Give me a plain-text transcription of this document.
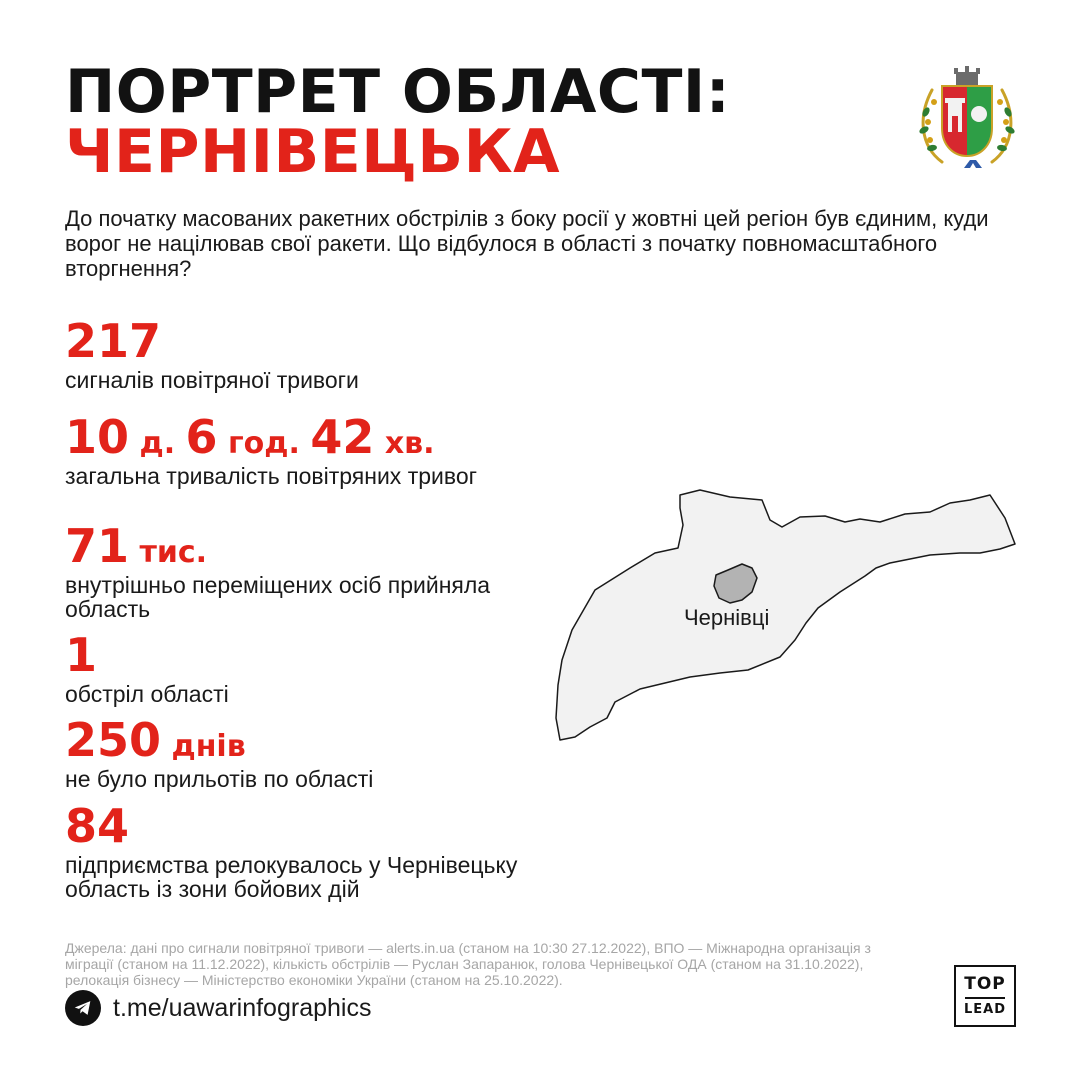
ПОРТРЕТ ОБЛАСТІ:
ЧЕРНІВЕЦЬКА
До початку масованих ракетних обстрілів з боку росії у жовтні цей регіон був єдиним, куди ворог не націлював свої ракети. Що відбулося в області з початку повномасштабного вторгнення?
217
сигналів повітряної тривоги
10 д. 6 год. 42 хв.
загальна тривалість повітряних тривог
71 тис.
внутрішньо переміщених осіб прийняла область
1
обстріл області
250 днів
не було прильотів по області
84
підприємства релокувалось у Чернівецьку область із зони бойових дій
Чернівці
Джерела: дані про сигнали повітряної тривоги — alerts.in.ua (станом на 10:30 27.12.2022), ВПО — Міжнародна організація з міграції (станом на 11.12.2022), кількість обстрілів — Руслан Запаранюк, голова Чернівецької ОДА (станом на 31.10.2022), релокація бізнесу — Міністерство економіки України (станом на 25.10.2022).
t.me/uawarinfographics
TOP
LEAD
